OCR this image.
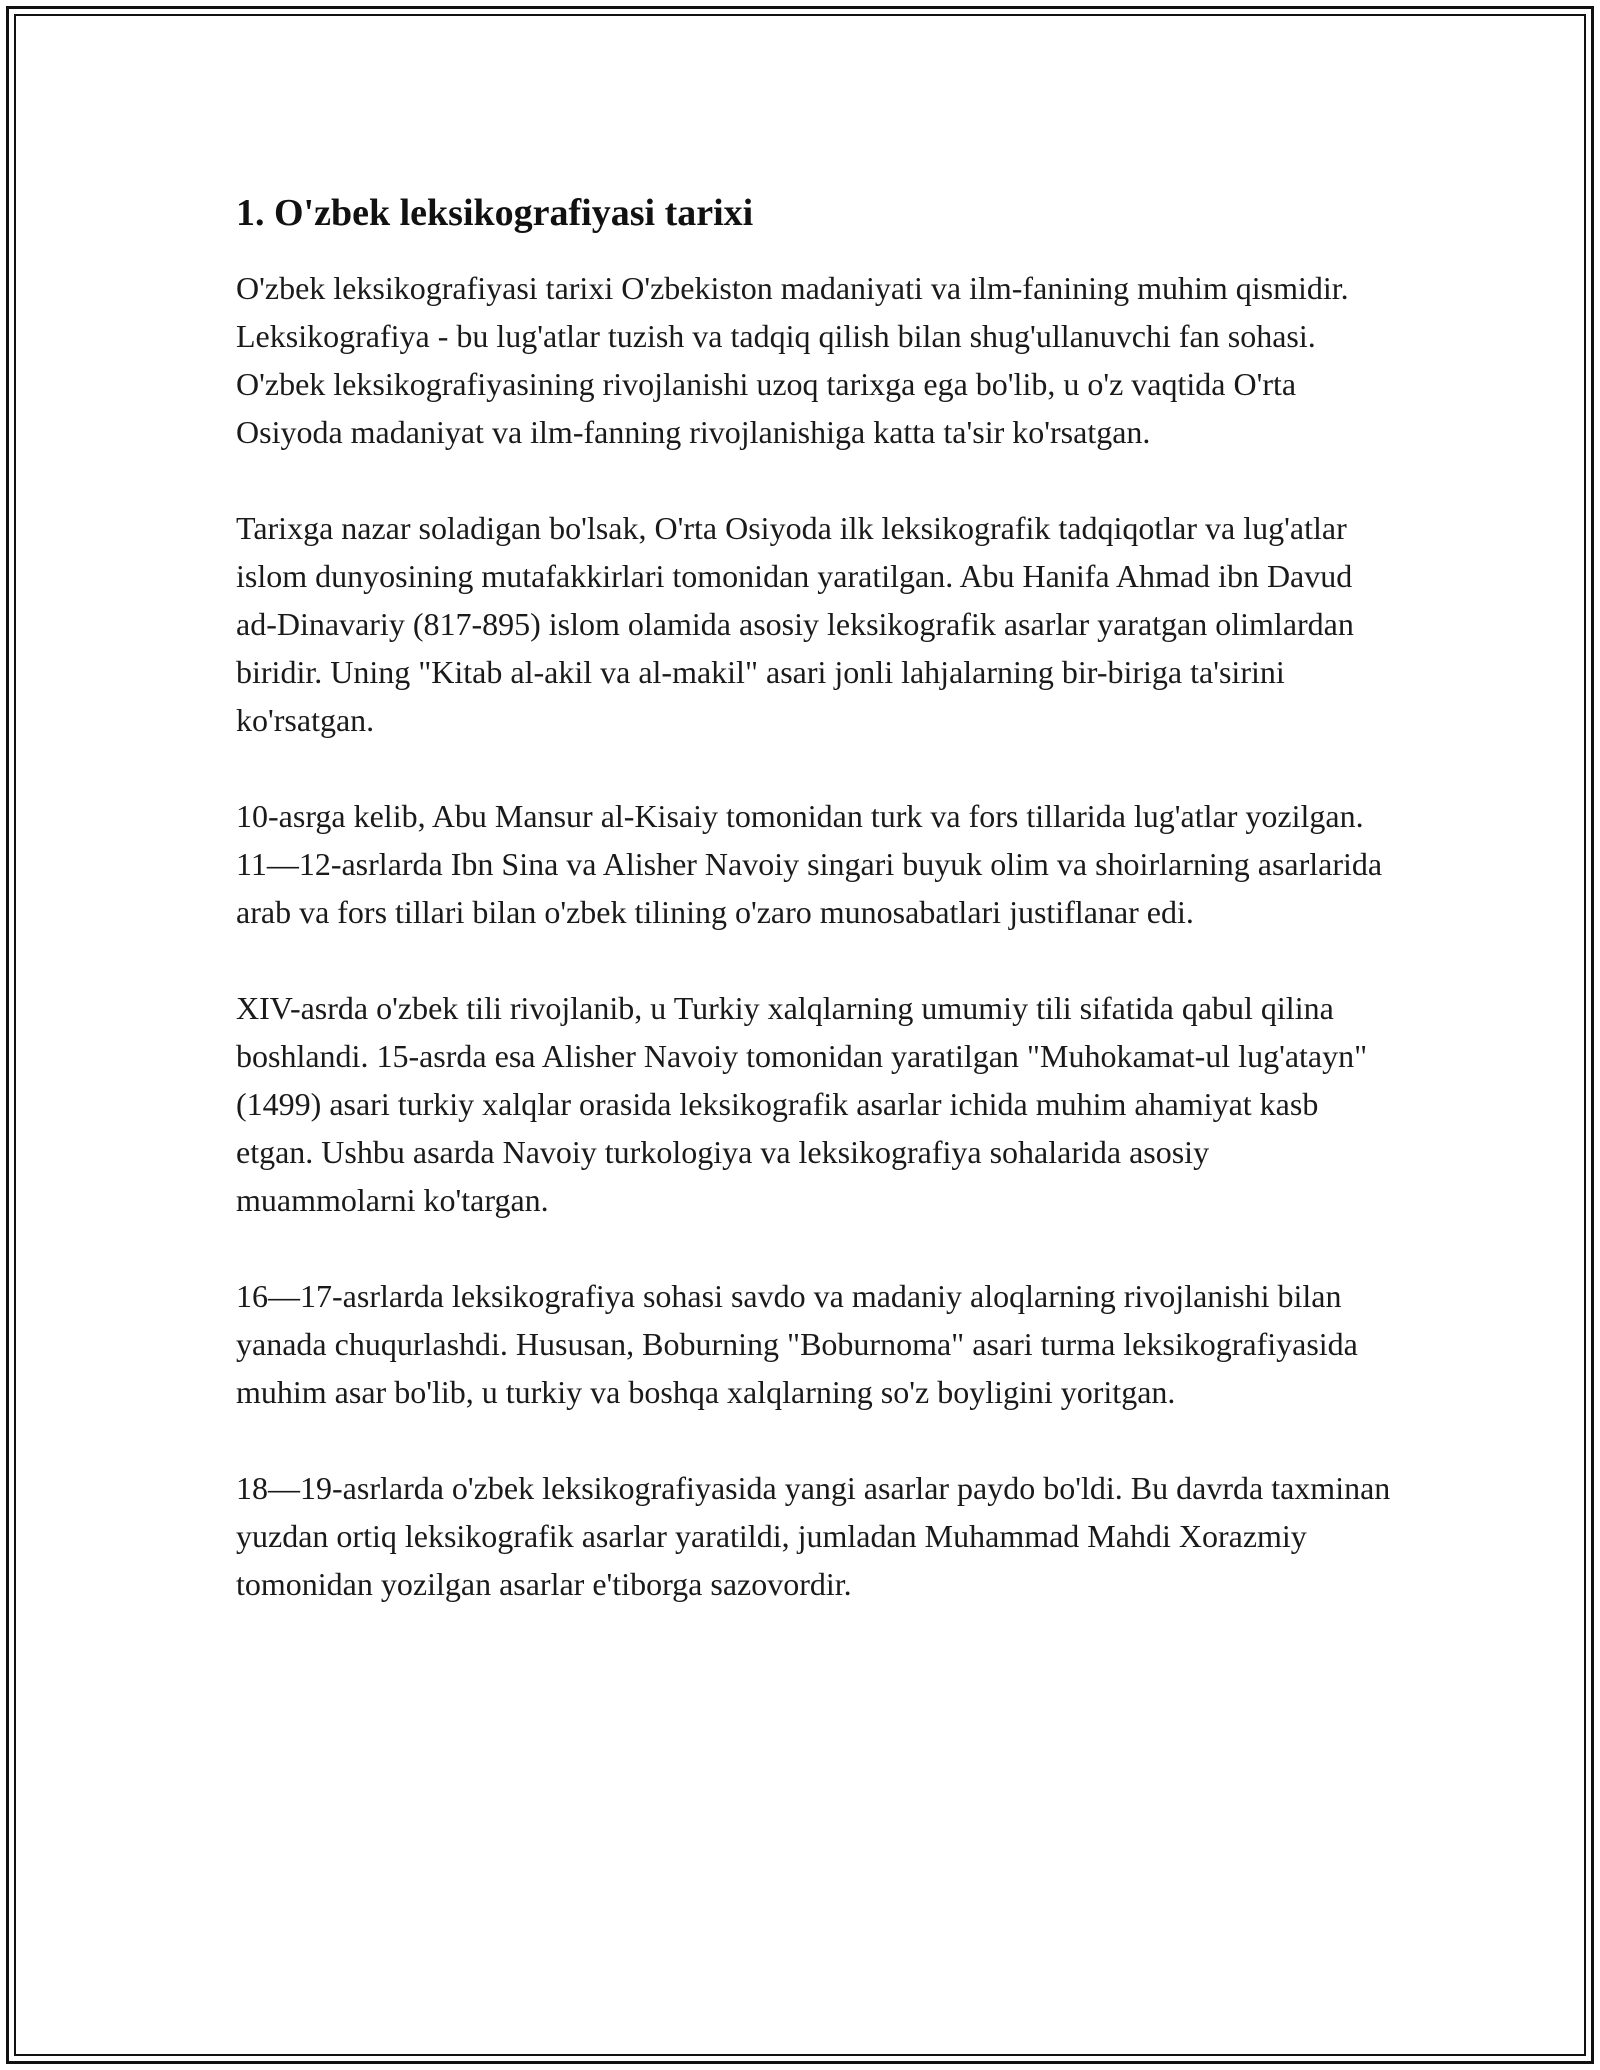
1. O'zbek leksikografiyasi tarixi

O'zbek leksikografiyasi tarixi O'zbekiston madaniyati va ilm-fanining muhim qismidir. Leksikografiya - bu lug'atlar tuzish va tadqiq qilish bilan shug'ullanuvchi fan sohasi. O'zbek leksikografiyasining rivojlanishi uzoq tarixga ega bo'lib, u o'z vaqtida O'rta Osiyoda madaniyat va ilm-fanning rivojlanishiga katta ta'sir ko'rsatgan.

Tarixga nazar soladigan bo'lsak, O'rta Osiyoda ilk leksikografik tadqiqotlar va lug'atlar islom dunyosining mutafakkirlari tomonidan yaratilgan. Abu Hanifa Ahmad ibn Davud ad-Dinavariy (817-895) islom olamida asosiy leksikografik asarlar yaratgan olimlardan biridir. Uning "Kitab al-akil va al-makil" asari jonli lahjalarning bir-biriga ta'sirini ko'rsatgan.

10-asrga kelib, Abu Mansur al-Kisaiy tomonidan turk va fors tillarida lug'atlar yozilgan. 11—12-asrlarda Ibn Sina va Alisher Navoiy singari buyuk olim va shoirlarning asarlarida arab va fors tillari bilan o'zbek tilining o'zaro munosabatlari justiflanar edi.

XIV-asrda o'zbek tili rivojlanib, u Turkiy xalqlarning umumiy tili sifatida qabul qilina boshlandi. 15-asrda esa Alisher Navoiy tomonidan yaratilgan "Muhokamat-ul lug'atayn" (1499) asari turkiy xalqlar orasida leksikografik asarlar ichida muhim ahamiyat kasb etgan. Ushbu asarda Navoiy turkologiya va leksikografiya sohalarida asosiy muammolarni ko'targan.

16—17-asrlarda leksikografiya sohasi savdo va madaniy aloqlarning rivojlanishi bilan yanada chuqurlashdi. Hususan, Boburning "Boburnoma" asari turma leksikografiyasida muhim asar bo'lib, u turkiy va boshqa xalqlarning so'z boyligini yoritgan.

18—19-asrlarda o'zbek leksikografiyasida yangi asarlar paydo bo'ldi. Bu davrda taxminan yuzdan ortiq leksikografik asarlar yaratildi, jumladan Muhammad Mahdi Xorazmiy tomonidan yozilgan asarlar e'tiborga sazovordir.
